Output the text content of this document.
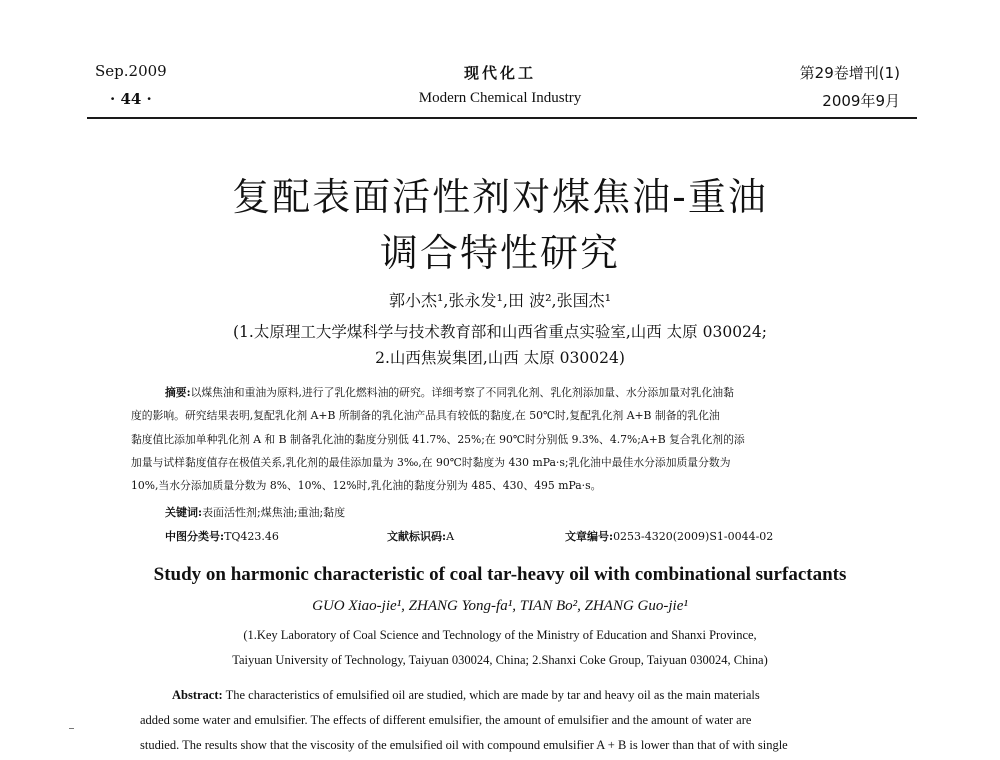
Sep.2009
· 44 ·
现代化工
Modern Chemical Industry
第29卷增刊(1)
2009年9月
复配表面活性剂对煤焦油-重油
调合特性研究
郭小杰¹,张永发¹,田 波²,张国杰¹
(1.太原理工大学煤科学与技术教育部和山西省重点实验室,山西 太原 030024;
2.山西焦炭集团,山西 太原 030024)
摘要:以煤焦油和重油为原料,进行了乳化燃料油的研究。详细考察了不同乳化剂、乳化剂添加量、水分添加量对乳化油黏
度的影响。研究结果表明,复配乳化剂 A+B 所制备的乳化油产品具有较低的黏度,在 50℃时,复配乳化剂 A+B 制备的乳化油
黏度值比添加单种乳化剂 A 和 B 制备乳化油的黏度分别低 41.7%、25%;在 90℃时分别低 9.3%、4.7%;A+B 复合乳化剂的添
加量与试样黏度值存在极值关系,乳化剂的最佳添加量为 3‰,在 90℃时黏度为 430 mPa·s;乳化油中最佳水分添加质量分数为
10%,当水分添加质量分数为 8%、10%、12%时,乳化油的黏度分别为 485、430、495 mPa·s。
关键词:表面活性剂;煤焦油;重油;黏度
中图分类号:TQ423.46	文献标识码:A	文章编号:0253-4320(2009)S1-0044-02
Study on harmonic characteristic of coal tar-heavy oil with combinational surfactants
GUO Xiao-jie¹, ZHANG Yong-fa¹, TIAN Bo², ZHANG Guo-jie¹
(1.Key Laboratory of Coal Science and Technology of the Ministry of Education and Shanxi Province,
Taiyuan University of Technology, Taiyuan 030024, China; 2.Shanxi Coke Group, Taiyuan 030024, China)
Abstract: The characteristics of emulsified oil are studied, which are made by tar and heavy oil as the main materials
added some water and emulsifier. The effects of different emulsifier, the amount of emulsifier and the amount of water are
studied. The results show that the viscosity of the emulsified oil with compound emulsifier A + B is lower than that of with single
